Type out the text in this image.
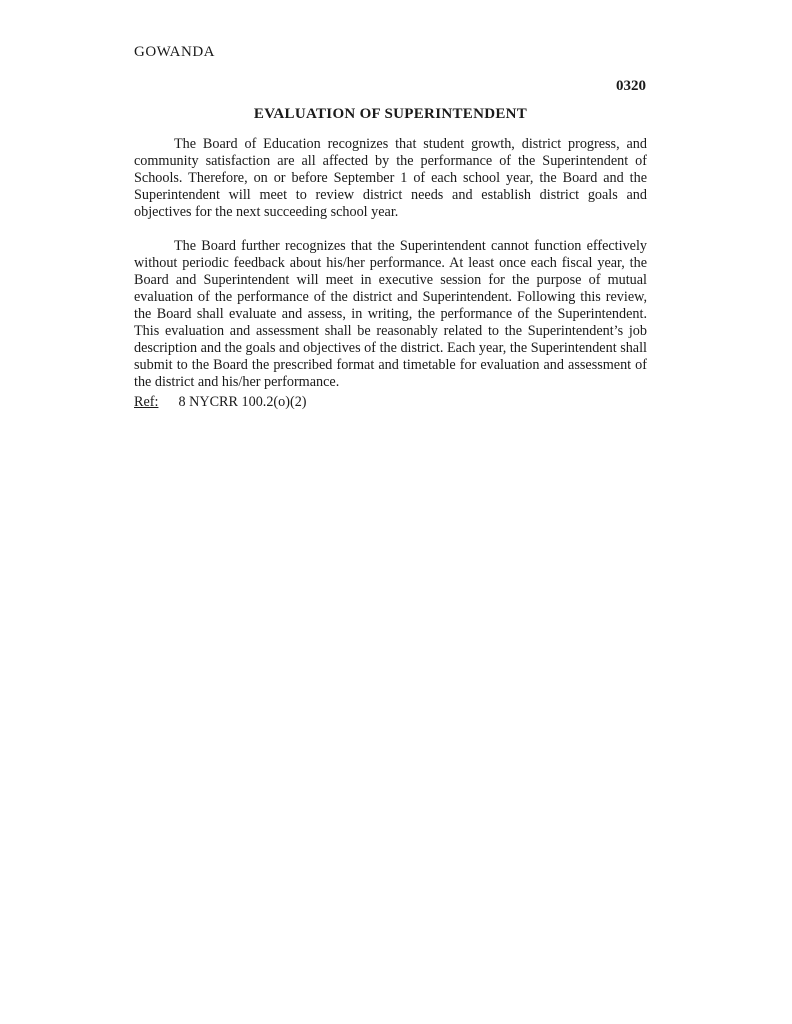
GOWANDA
0320
EVALUATION OF SUPERINTENDENT

The Board of Education recognizes that student growth, district progress, and community satisfaction are all affected by the performance of the Superintendent of Schools. Therefore, on or before September 1 of each school year, the Board and the Superintendent will meet to review district needs and establish district goals and objectives for the next succeeding school year.

The Board further recognizes that the Superintendent cannot function effectively without periodic feedback about his/her performance. At least once each fiscal year, the Board and Superintendent will meet in executive session for the purpose of mutual evaluation of the performance of the district and Superintendent. Following this review, the Board shall evaluate and assess, in writing, the performance of the Superintendent. This evaluation and assessment shall be reasonably related to the Superintendent’s job description and the goals and objectives of the district. Each year, the Superintendent shall submit to the Board the prescribed format and timetable for evaluation and assessment of the district and his/her performance.

Ref: 8 NYCRR 100.2(o)(2)
